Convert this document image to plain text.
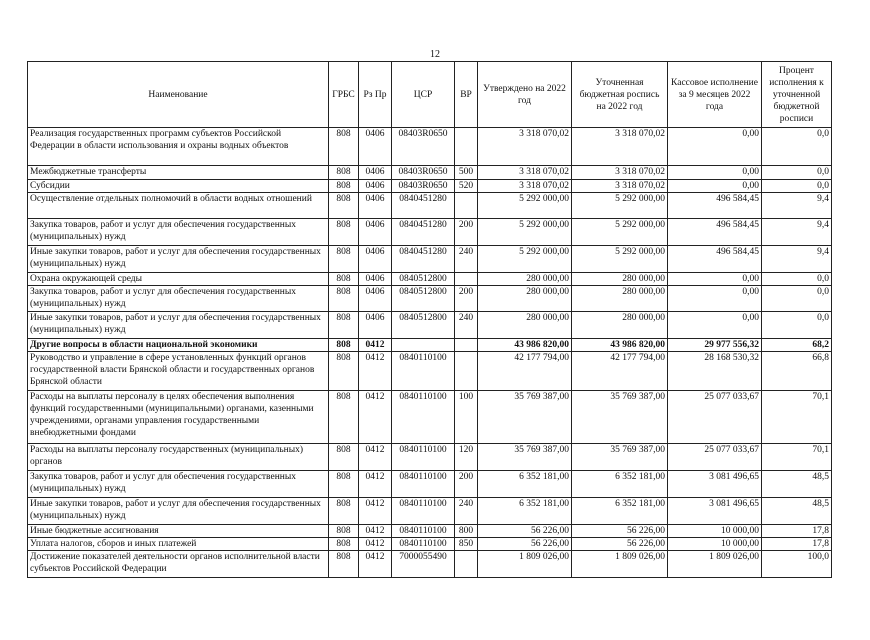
12
Наименование	ГРБС	Рз Пр	ЦСР	ВР	Утверждено на 2022 год	Уточненная бюджетная роспись на 2022 год	Кассовое исполнение за 9 месяцев 2022 года	Процент исполнения к уточненной бюджетной росписи
Реализация государственных программ субъектов Российской Федерации в области использования и охраны водных объектов	808	0406	08403R0650		3 318 070,02	3 318 070,02	0,00	0,0
Межбюджетные трансферты	808	0406	08403R0650	500	3 318 070,02	3 318 070,02	0,00	0,0
Субсидии	808	0406	08403R0650	520	3 318 070,02	3 318 070,02	0,00	0,0
Осуществление отдельных полномочий в области водных отношений	808	0406	0840451280		5 292 000,00	5 292 000,00	496 584,45	9,4
Закупка товаров, работ и услуг для обеспечения государственных (муниципальных) нужд	808	0406	0840451280	200	5 292 000,00	5 292 000,00	496 584,45	9,4
Иные закупки товаров, работ и услуг для обеспечения государственных (муниципальных) нужд	808	0406	0840451280	240	5 292 000,00	5 292 000,00	496 584,45	9,4
Охрана окружающей среды	808	0406	0840512800		280 000,00	280 000,00	0,00	0,0
Закупка товаров, работ и услуг для обеспечения государственных (муниципальных) нужд	808	0406	0840512800	200	280 000,00	280 000,00	0,00	0,0
Иные закупки товаров, работ и услуг для обеспечения государственных (муниципальных) нужд	808	0406	0840512800	240	280 000,00	280 000,00	0,00	0,0
Другие вопросы в области национальной экономики	808	0412			43 986 820,00	43 986 820,00	29 977 556,32	68,2
Руководство и управление в сфере установленных функций органов государственной власти Брянской области и государственных органов Брянской области	808	0412	0840110100		42 177 794,00	42 177 794,00	28 168 530,32	66,8
Расходы на выплаты персоналу в целях обеспечения выполнения функций государственными (муниципальными) органами, казенными учреждениями, органами управления государственными внебюджетными фондами	808	0412	0840110100	100	35 769 387,00	35 769 387,00	25 077 033,67	70,1
Расходы на выплаты персоналу государственных (муниципальных) органов	808	0412	0840110100	120	35 769 387,00	35 769 387,00	25 077 033,67	70,1
Закупка товаров, работ и услуг для обеспечения государственных (муниципальных) нужд	808	0412	0840110100	200	6 352 181,00	6 352 181,00	3 081 496,65	48,5
Иные закупки товаров, работ и услуг для обеспечения государственных (муниципальных) нужд	808	0412	0840110100	240	6 352 181,00	6 352 181,00	3 081 496,65	48,5
Иные бюджетные ассигнования	808	0412	0840110100	800	56 226,00	56 226,00	10 000,00	17,8
Уплата налогов, сборов и иных платежей	808	0412	0840110100	850	56 226,00	56 226,00	10 000,00	17,8
Достижение показателей деятельности органов исполнительной власти субъектов Российской Федерации	808	0412	7000055490		1 809 026,00	1 809 026,00	1 809 026,00	100,0
